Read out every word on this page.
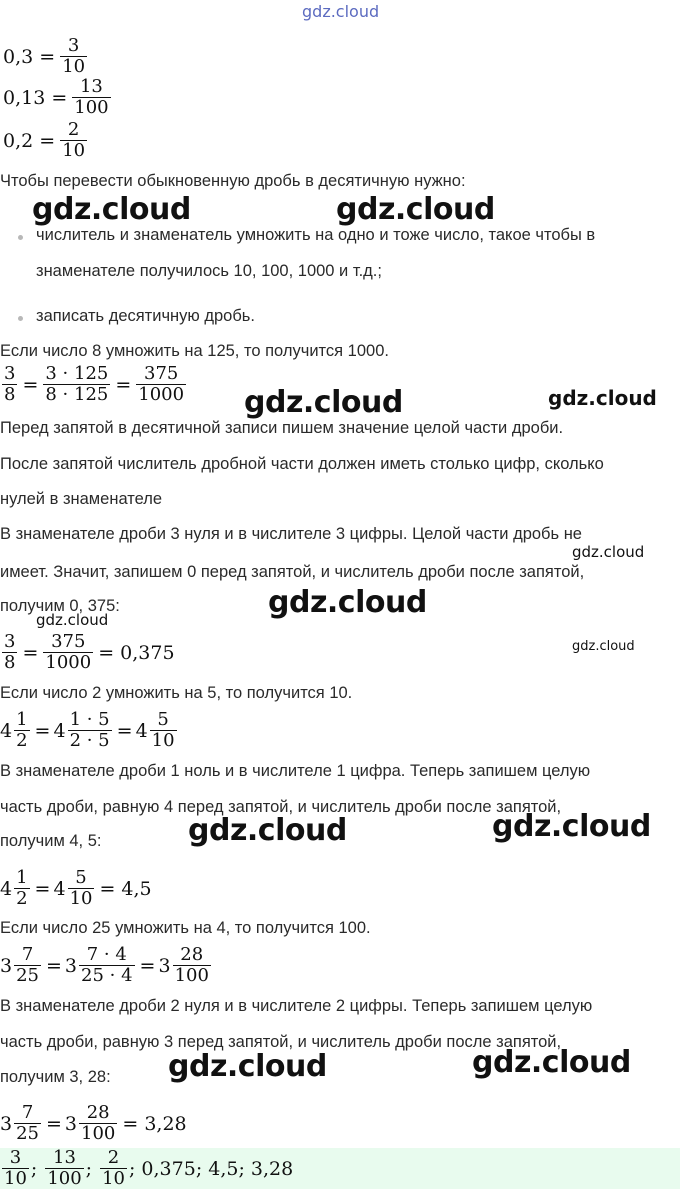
gdz.cloud
$0,3 = \frac{3}{10}$
$0,13 = \frac{13}{100}$
$0,2 = \frac{2}{10}$
Чтобы перевести обыкновенную дробь в десятичную нужно:
gdz.cloud	gdz.cloud
числитель и знаменатель умножить на одно и тоже число, такое чтобы в
знаменателе получилось 10, 100, 1000 и т.д.;
записать десятичную дробь.
Если число 8 умножить на 125, то получится 1000.
$\frac{3}{8} = \frac{3 \cdot 125}{8 \cdot 125} = \frac{375}{1000}$ gdz.cloud	gdz.cloud
Перед запятой в десятичной записи пишем значение целой части дроби.
После запятой числитель дробной части должен иметь столько цифр, сколько
нулей в знаменателе
В знаменателе дроби 3 нуля и в числителе 3 цифры. Целой части дробь не
gdz.cloud
имеет. Значит, запишем 0 перед запятой, и числитель дроби после запятой,
получим 0, 375:	gdz.cloud
gdz.cloud
$\frac{3}{8} = \frac{375}{1000} = 0,375$	gdz.cloud
Если число 2 умножить на 5, то получится 10.
$4 \frac{1}{2} = 4 \frac{1 \cdot 5}{2 \cdot 5} = 4 \frac{5}{10}$
В знаменателе дроби 1 ноль и в числителе 1 цифра. Теперь запишем целую
часть дроби, равную 4 перед запятой, и числитель дроби после запятой,
получим 4, 5:	gdz.cloud	gdz.cloud
$4 \frac{1}{2} = 4 \frac{5}{10} = 4,5$
Если число 25 умножить на 4, то получится 100.
$3 \frac{7}{25} = 3 \frac{7 \cdot 4}{25 \cdot 4} = 3 \frac{28}{100}$
В знаменателе дроби 2 нуля и в числителе 2 цифры. Теперь запишем целую
часть дроби, равную 3 перед запятой, и числитель дроби после запятой,
получим 3, 28: gdz.cloud	gdz.cloud
$3 \frac{7}{25} = 3 \frac{28}{100} = 3,28$
$\frac{3}{10}$ ; $\frac{13}{100}$ ; $\frac{2}{10}$ ; 0,375; 4,5; 3,28
